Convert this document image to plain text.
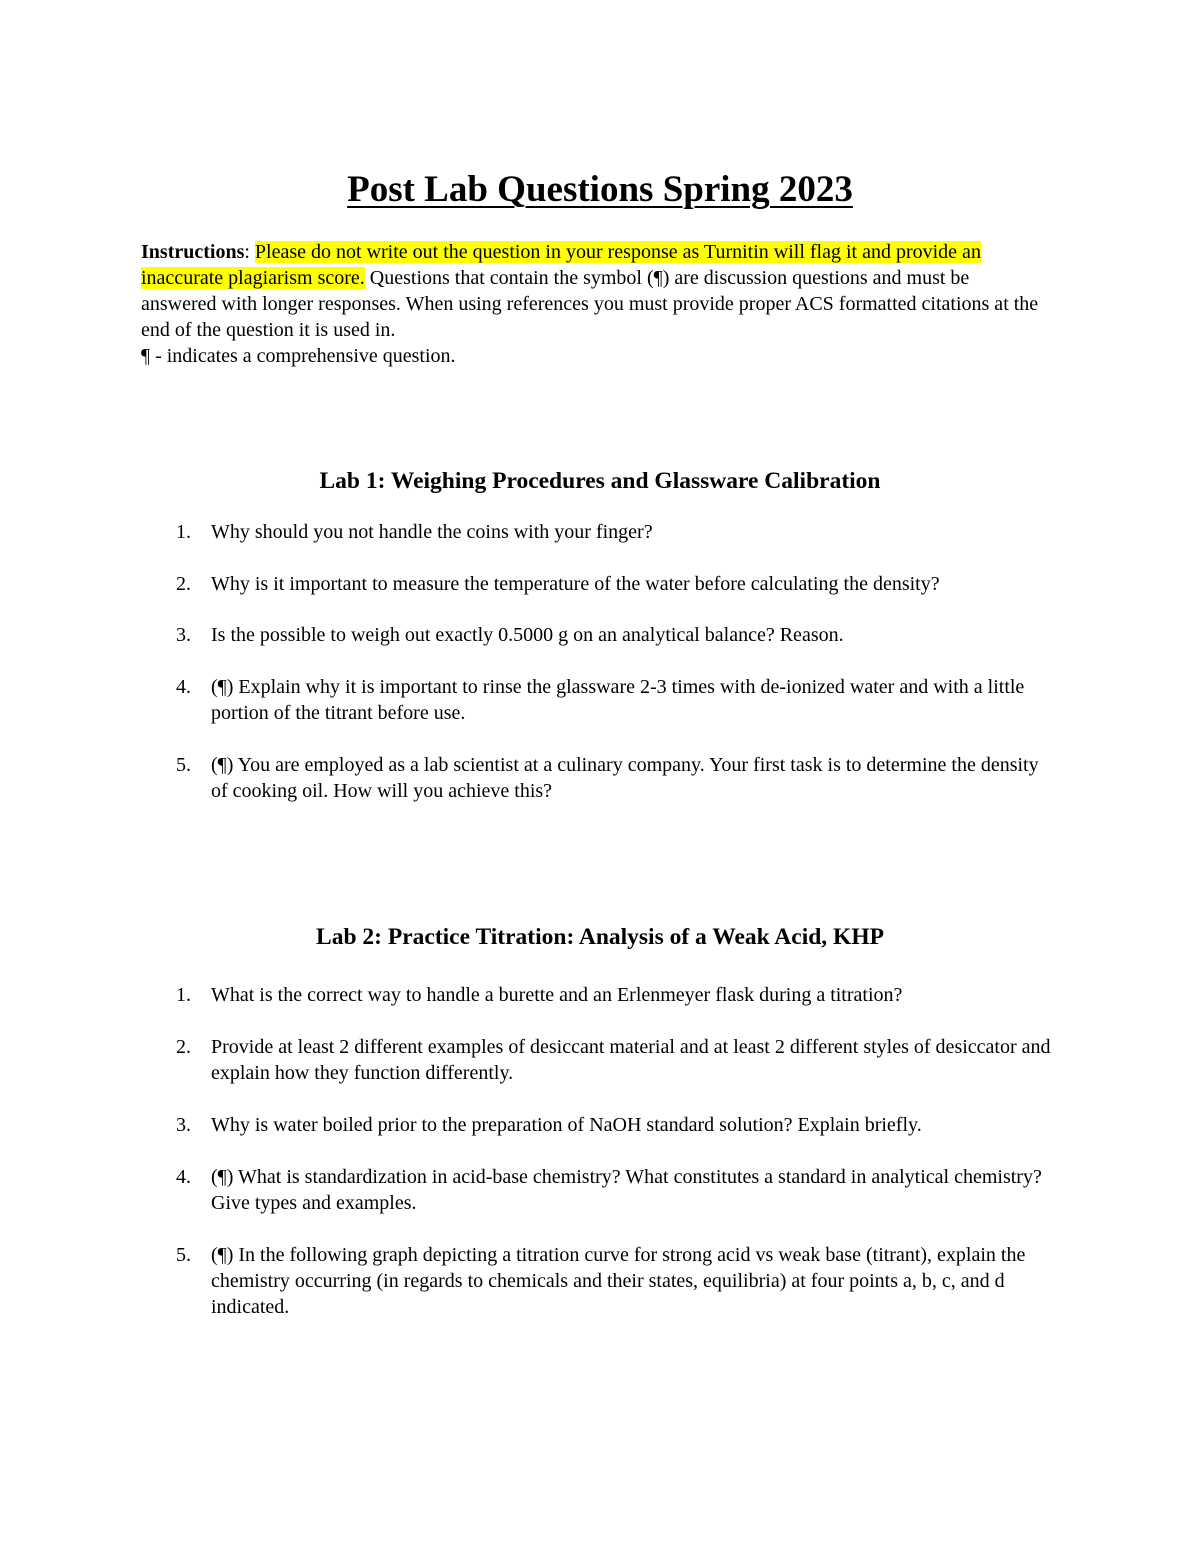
Post Lab Questions Spring 2023

Instructions: Please do not write out the question in your response as Turnitin will flag it and provide an inaccurate plagiarism score. Questions that contain the symbol (¶) are discussion questions and must be answered with longer responses. When using references you must provide proper ACS formatted citations at the end of the question it is used in.

¶ - indicates a comprehensive question.

Lab 1: Weighing Procedures and Glassware Calibration
1.	Why should you not handle the coins with your finger?
2.	Why is it important to measure the temperature of the water before calculating the density?
3.	Is the possible to weigh out exactly 0.5000 g on an analytical balance? Reason.
4.	(¶) Explain why it is important to rinse the glassware 2-3 times with de-ionized water and with a little portion of the titrant before use.
5.	(¶) You are employed as a lab scientist at a culinary company. Your first task is to determine the density of cooking oil. How will you achieve this?
Lab 2: Practice Titration: Analysis of a Weak Acid, KHP
1.	What is the correct way to handle a burette and an Erlenmeyer flask during a titration?
2.	Provide at least 2 different examples of desiccant material and at least 2 different styles of desiccator and explain how they function differently.
3.	Why is water boiled prior to the preparation of NaOH standard solution? Explain briefly.
4.	(¶) What is standardization in acid-base chemistry? What constitutes a standard in analytical chemistry? Give types and examples.
5.	(¶) In the following graph depicting a titration curve for strong acid vs weak base (titrant), explain the chemistry occurring (in regards to chemicals and their states, equilibria) at four points a, b, c, and d indicated.
